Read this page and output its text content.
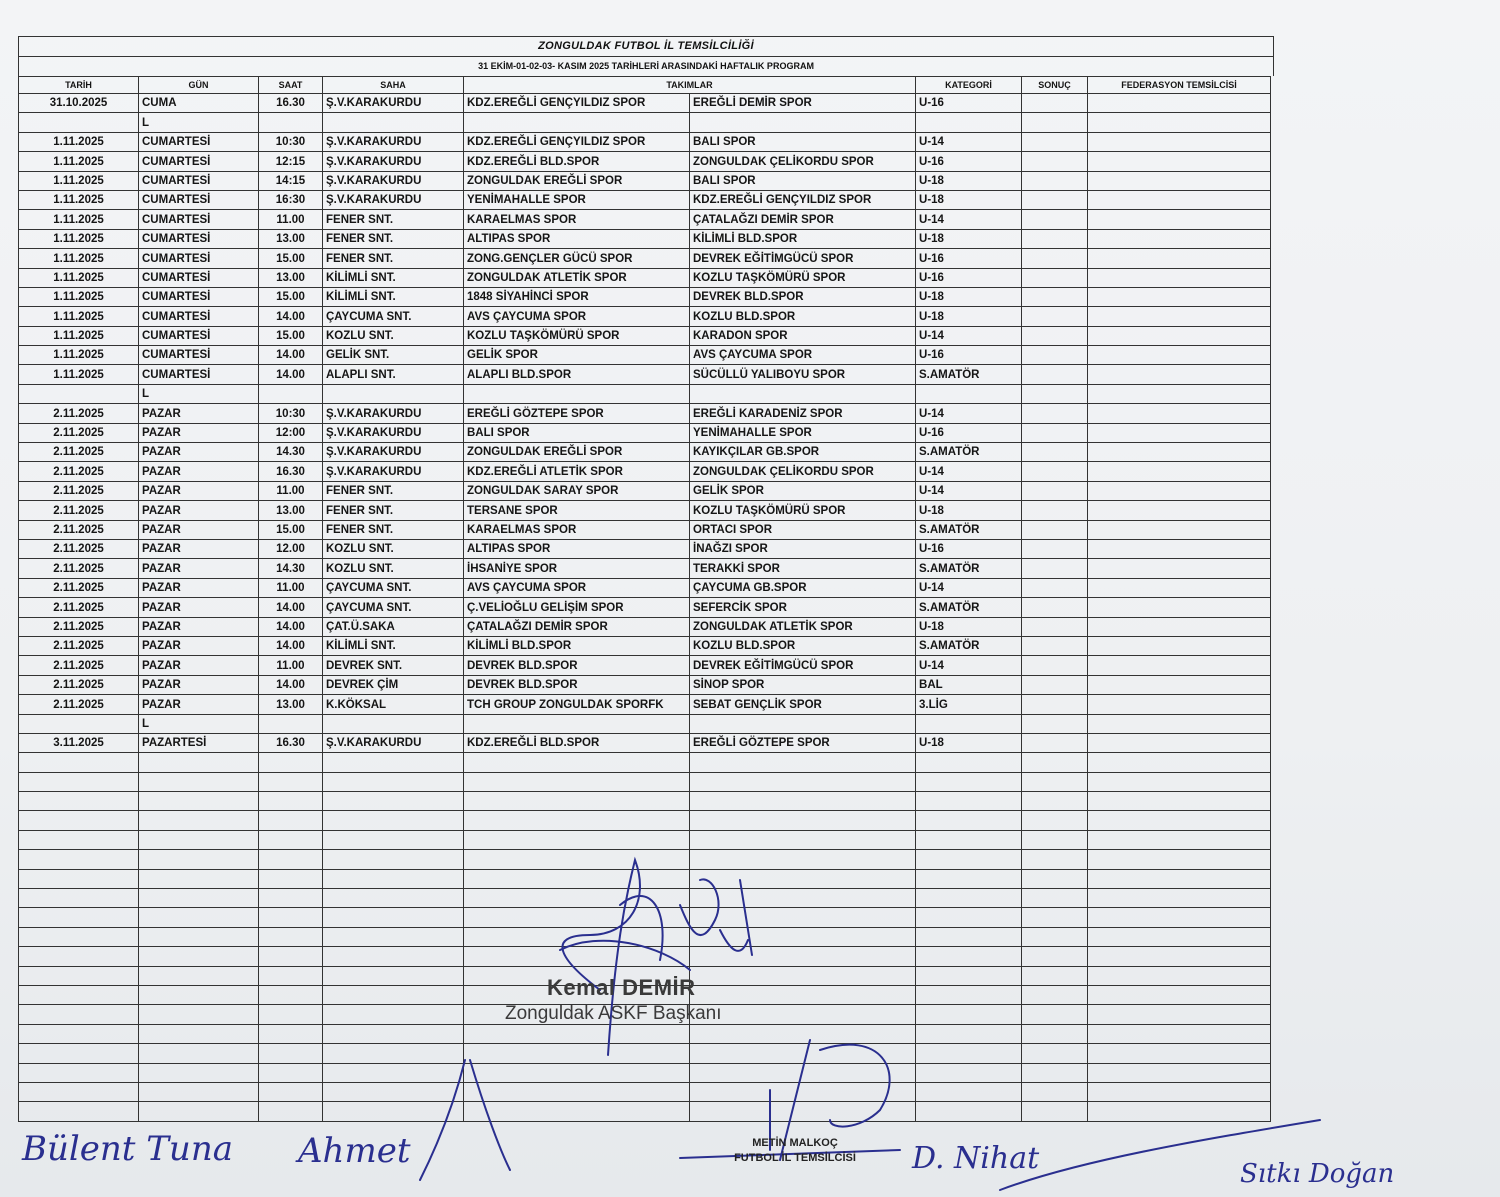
ZONGULDAK FUTBOL İL TEMSİLCİLİĞİ
31 EKİM-01-02-03- KASIM 2025 TARİHLERİ ARASINDAKİ HAFTALIK PROGRAM
TARİH	GÜN	SAAT	SAHA	TAKIMLAR		KATEGORİ	SONUÇ	FEDERASYON TEMSİLCİSİ
31.10.2025	CUMA	16.30	Ş.V.KARAKURDU	KDZ.EREĞLİ GENÇYILDIZ SPOR	EREĞLİ DEMİR SPOR	U-16		
	L							
1.11.2025	CUMARTESİ	10:30	Ş.V.KARAKURDU	KDZ.EREĞLİ GENÇYILDIZ SPOR	BALI SPOR	U-14		
1.11.2025	CUMARTESİ	12:15	Ş.V.KARAKURDU	KDZ.EREĞLİ BLD.SPOR	ZONGULDAK ÇELİKORDU SPOR	U-16		
1.11.2025	CUMARTESİ	14:15	Ş.V.KARAKURDU	ZONGULDAK EREĞLİ SPOR	BALI SPOR	U-18		
1.11.2025	CUMARTESİ	16:30	Ş.V.KARAKURDU	YENİMAHALLE SPOR	KDZ.EREĞLİ GENÇYILDIZ SPOR	U-18		
1.11.2025	CUMARTESİ	11.00	FENER SNT.	KARAELMAS SPOR	ÇATALAĞZI DEMİR SPOR	U-14		
1.11.2025	CUMARTESİ	13.00	FENER SNT.	ALTIPAS SPOR	KİLİMLİ BLD.SPOR	U-18		
1.11.2025	CUMARTESİ	15.00	FENER SNT.	ZONG.GENÇLER GÜCÜ SPOR	DEVREK EĞİTİMGÜCÜ SPOR	U-16		
1.11.2025	CUMARTESİ	13.00	KİLİMLİ SNT.	ZONGULDAK ATLETİK SPOR	KOZLU TAŞKÖMÜRÜ SPOR	U-16		
1.11.2025	CUMARTESİ	15.00	KİLİMLİ SNT.	1848 SİYAHİNCİ SPOR	DEVREK BLD.SPOR	U-18		
1.11.2025	CUMARTESİ	14.00	ÇAYCUMA SNT.	AVS ÇAYCUMA SPOR	KOZLU BLD.SPOR	U-18		
1.11.2025	CUMARTESİ	15.00	KOZLU SNT.	KOZLU TAŞKÖMÜRÜ SPOR	KARADON SPOR	U-14		
1.11.2025	CUMARTESİ	14.00	GELİK SNT.	GELİK SPOR	AVS ÇAYCUMA SPOR	U-16		
1.11.2025	CUMARTESİ	14.00	ALAPLI SNT.	ALAPLI BLD.SPOR	SÜCÜLLÜ YALIBOYU SPOR	S.AMATÖR		
	L							
2.11.2025	PAZAR	10:30	Ş.V.KARAKURDU	EREĞLİ GÖZTEPE SPOR	EREĞLİ KARADENİZ SPOR	U-14		
2.11.2025	PAZAR	12:00	Ş.V.KARAKURDU	BALI SPOR	YENİMAHALLE SPOR	U-16		
2.11.2025	PAZAR	14.30	Ş.V.KARAKURDU	ZONGULDAK EREĞLİ SPOR	KAYIKÇILAR GB.SPOR	S.AMATÖR		
2.11.2025	PAZAR	16.30	Ş.V.KARAKURDU	KDZ.EREĞLİ ATLETİK SPOR	ZONGULDAK ÇELİKORDU SPOR	U-14		
2.11.2025	PAZAR	11.00	FENER SNT.	ZONGULDAK SARAY SPOR	GELİK SPOR	U-14		
2.11.2025	PAZAR	13.00	FENER SNT.	TERSANE SPOR	KOZLU TAŞKÖMÜRÜ SPOR	U-18		
2.11.2025	PAZAR	15.00	FENER SNT.	KARAELMAS SPOR	ORTACI SPOR	S.AMATÖR		
2.11.2025	PAZAR	12.00	KOZLU SNT.	ALTIPAS SPOR	İNAĞZI SPOR	U-16		
2.11.2025	PAZAR	14.30	KOZLU SNT.	İHSANİYE SPOR	TERAKKİ SPOR	S.AMATÖR		
2.11.2025	PAZAR	11.00	ÇAYCUMA SNT.	AVS ÇAYCUMA SPOR	ÇAYCUMA GB.SPOR	U-14		
2.11.2025	PAZAR	14.00	ÇAYCUMA SNT.	Ç.VELİOĞLU GELİŞİM SPOR	SEFERCİK SPOR	S.AMATÖR		
2.11.2025	PAZAR	14.00	ÇAT.Ü.SAKA	ÇATALAĞZI DEMİR SPOR	ZONGULDAK ATLETİK SPOR	U-18		
2.11.2025	PAZAR	14.00	KİLİMLİ SNT.	KİLİMLİ BLD.SPOR	KOZLU BLD.SPOR	S.AMATÖR		
2.11.2025	PAZAR	11.00	DEVREK SNT.	DEVREK BLD.SPOR	DEVREK EĞİTİMGÜCÜ SPOR	U-14		
2.11.2025	PAZAR	14.00	DEVREK ÇİM	DEVREK BLD.SPOR	SİNOP SPOR	BAL		
2.11.2025	PAZAR	13.00	K.KÖKSAL	TCH GROUP ZONGULDAK SPORFK	SEBAT GENÇLİK SPOR	3.LİG		
	L							
3.11.2025	PAZARTESİ	16.30	Ş.V.KARAKURDU	KDZ.EREĞLİ BLD.SPOR	EREĞLİ GÖZTEPE SPOR	U-18		

Bülent Tuna Ahmet	D. Nihat	Sıtkı Doğan
Kemal DEMİR
Zonguldak ASKF Başkanı
METİN MALKOÇ
FUTBOL İL TEMSİLCİSİ
